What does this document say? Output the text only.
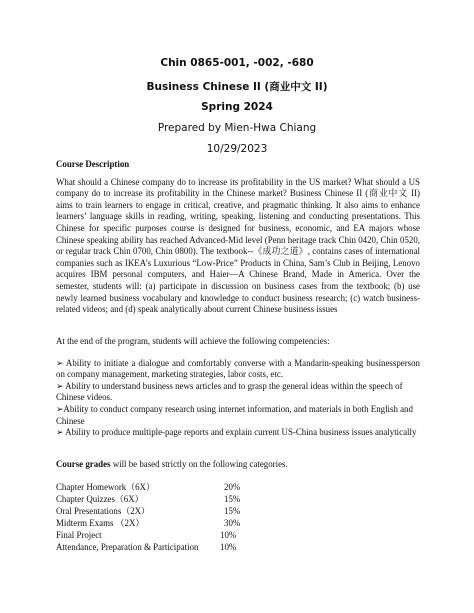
Chin 0865-001, -002, -680
Business Chinese II (商业中文 II)
Spring 2024
Prepared by Mien-Hwa Chiang
10/29/2023

Course Description

What should a Chinese company do to increase its profitability in the US market? What should a US company do to increase its profitability in the Chinese market? Business Chinese II (商业中文 II) aims to train learners to engage in critical, creative, and pragmatic thinking. It also aims to enhance learners’ language skills in reading, writing, speaking, listening and conducting presentations. This Chinese for specific purposes course is designed for business, economic, and EA majors whose Chinese speaking ability has reached Advanced-Mid level (Penn heritage track Chin 0420, Chin 0520, or regular track Chin 0700, Chin 0800). The textbook--《成功之道》, contains cases of international companies such as IKEA’s Luxurious “Low-Price” Products in China, Sam’s Club in Beijing, Lenovo acquires IBM personal computers, and Haier—A Chinese Brand, Made in America. Over the semester, students will: (a) participate in discussion on business cases from the textbook; (b) use newly learned business vocabulary and knowledge to conduct business research; (c) watch business-related videos; and (d) speak analytically about current Chinese business issues

At the end of the program, students will achieve the following competencies:

➢ Ability to initiate a dialogue and comfortably converse with a Mandarin-speaking businessperson on company management, marketing strategies, labor costs, etc.

➢ Ability to understand business news articles and to grasp the general ideas within the speech of Chinese videos.

➢Ability to conduct company research using internet information, and materials in both English and Chinese

➢ Ability to produce multiple-page reports and explain current US-China business issues analytically

Course grades will be based strictly on the following categories.
Chapter Homework（6X）	20%
Chapter Quizzes（6X）	15%
Oral Presentations（2X）	15%
Midterm Exams （2X）	30%
Final Project	10%
Attendance, Preparation & Participation 10%
